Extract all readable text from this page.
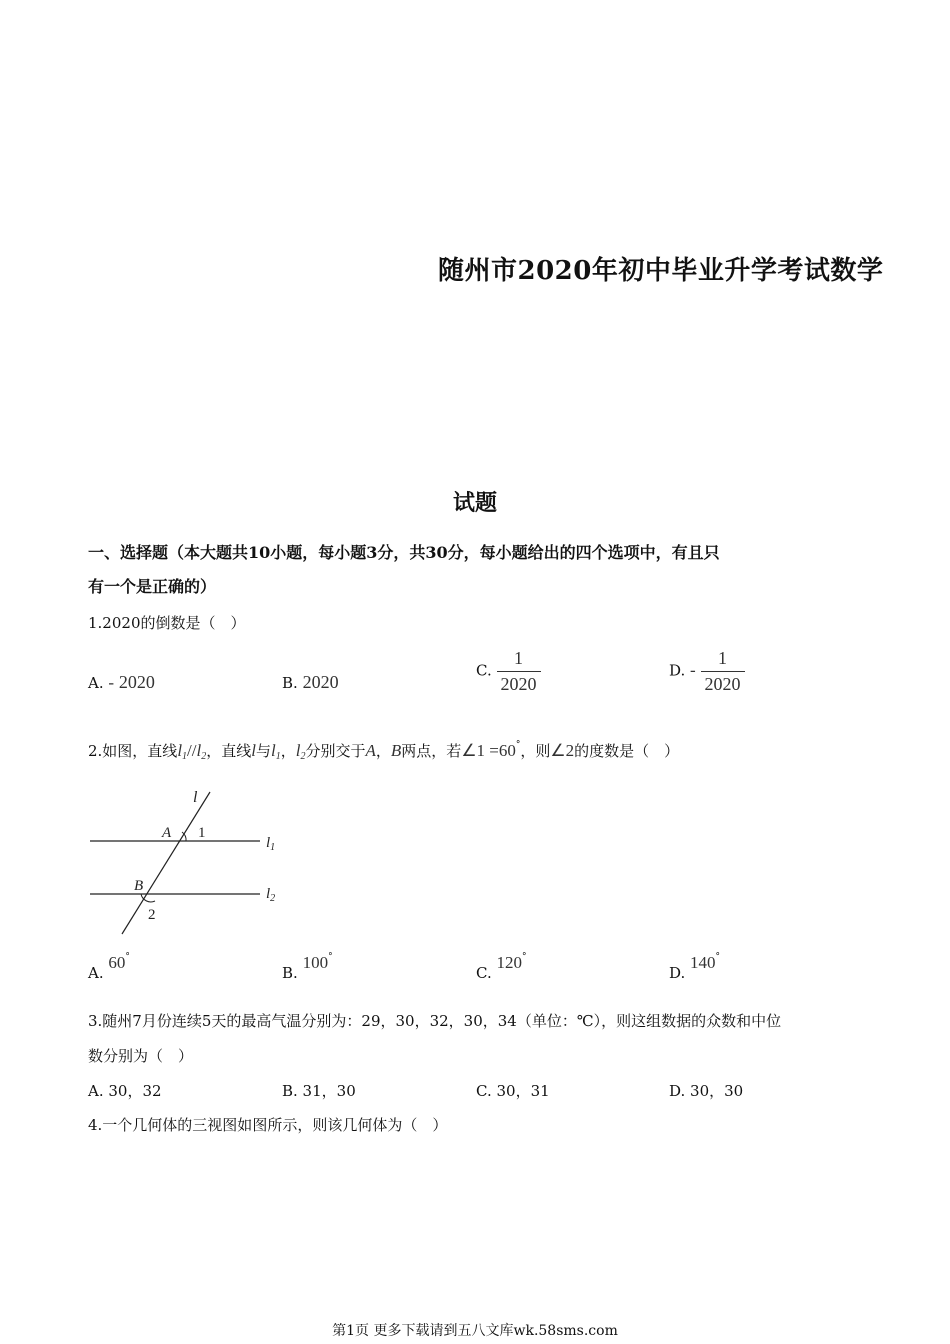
随州市2020年初中毕业升学考试数学
试题
一、选择题（本大题共10小题，每小题3分，共30分，每小题给出的四个选项中，有且只
有一个是正确的）
1.2020的倒数是（　）
A. - 2020	B. 2020
C. $\frac{1}{2020}$	D. - $\frac{1}{2020}$
2.如图，直线$l_1//l_2$，直线l与$l_1$，$l_2$分别交于A，B两点，若∠1 =60°，则∠2的度数是（　）
l
A 1
$l_1$
B
2
$l_2$
A. 60°
B. 100°
C. 120°
D. 140°
3.随州7月份连续5天的最高气温分别为：29，30，32，30，34（单位：℃），则这组数据的众数和中位
数分别为（　）
A. 30，32	B. 31，30	C. 30，31	D. 30，30
4.一个几何体的三视图如图所示，则该几何体为（　）
第1页 更多下载请到五八文库wk.58sms.com
